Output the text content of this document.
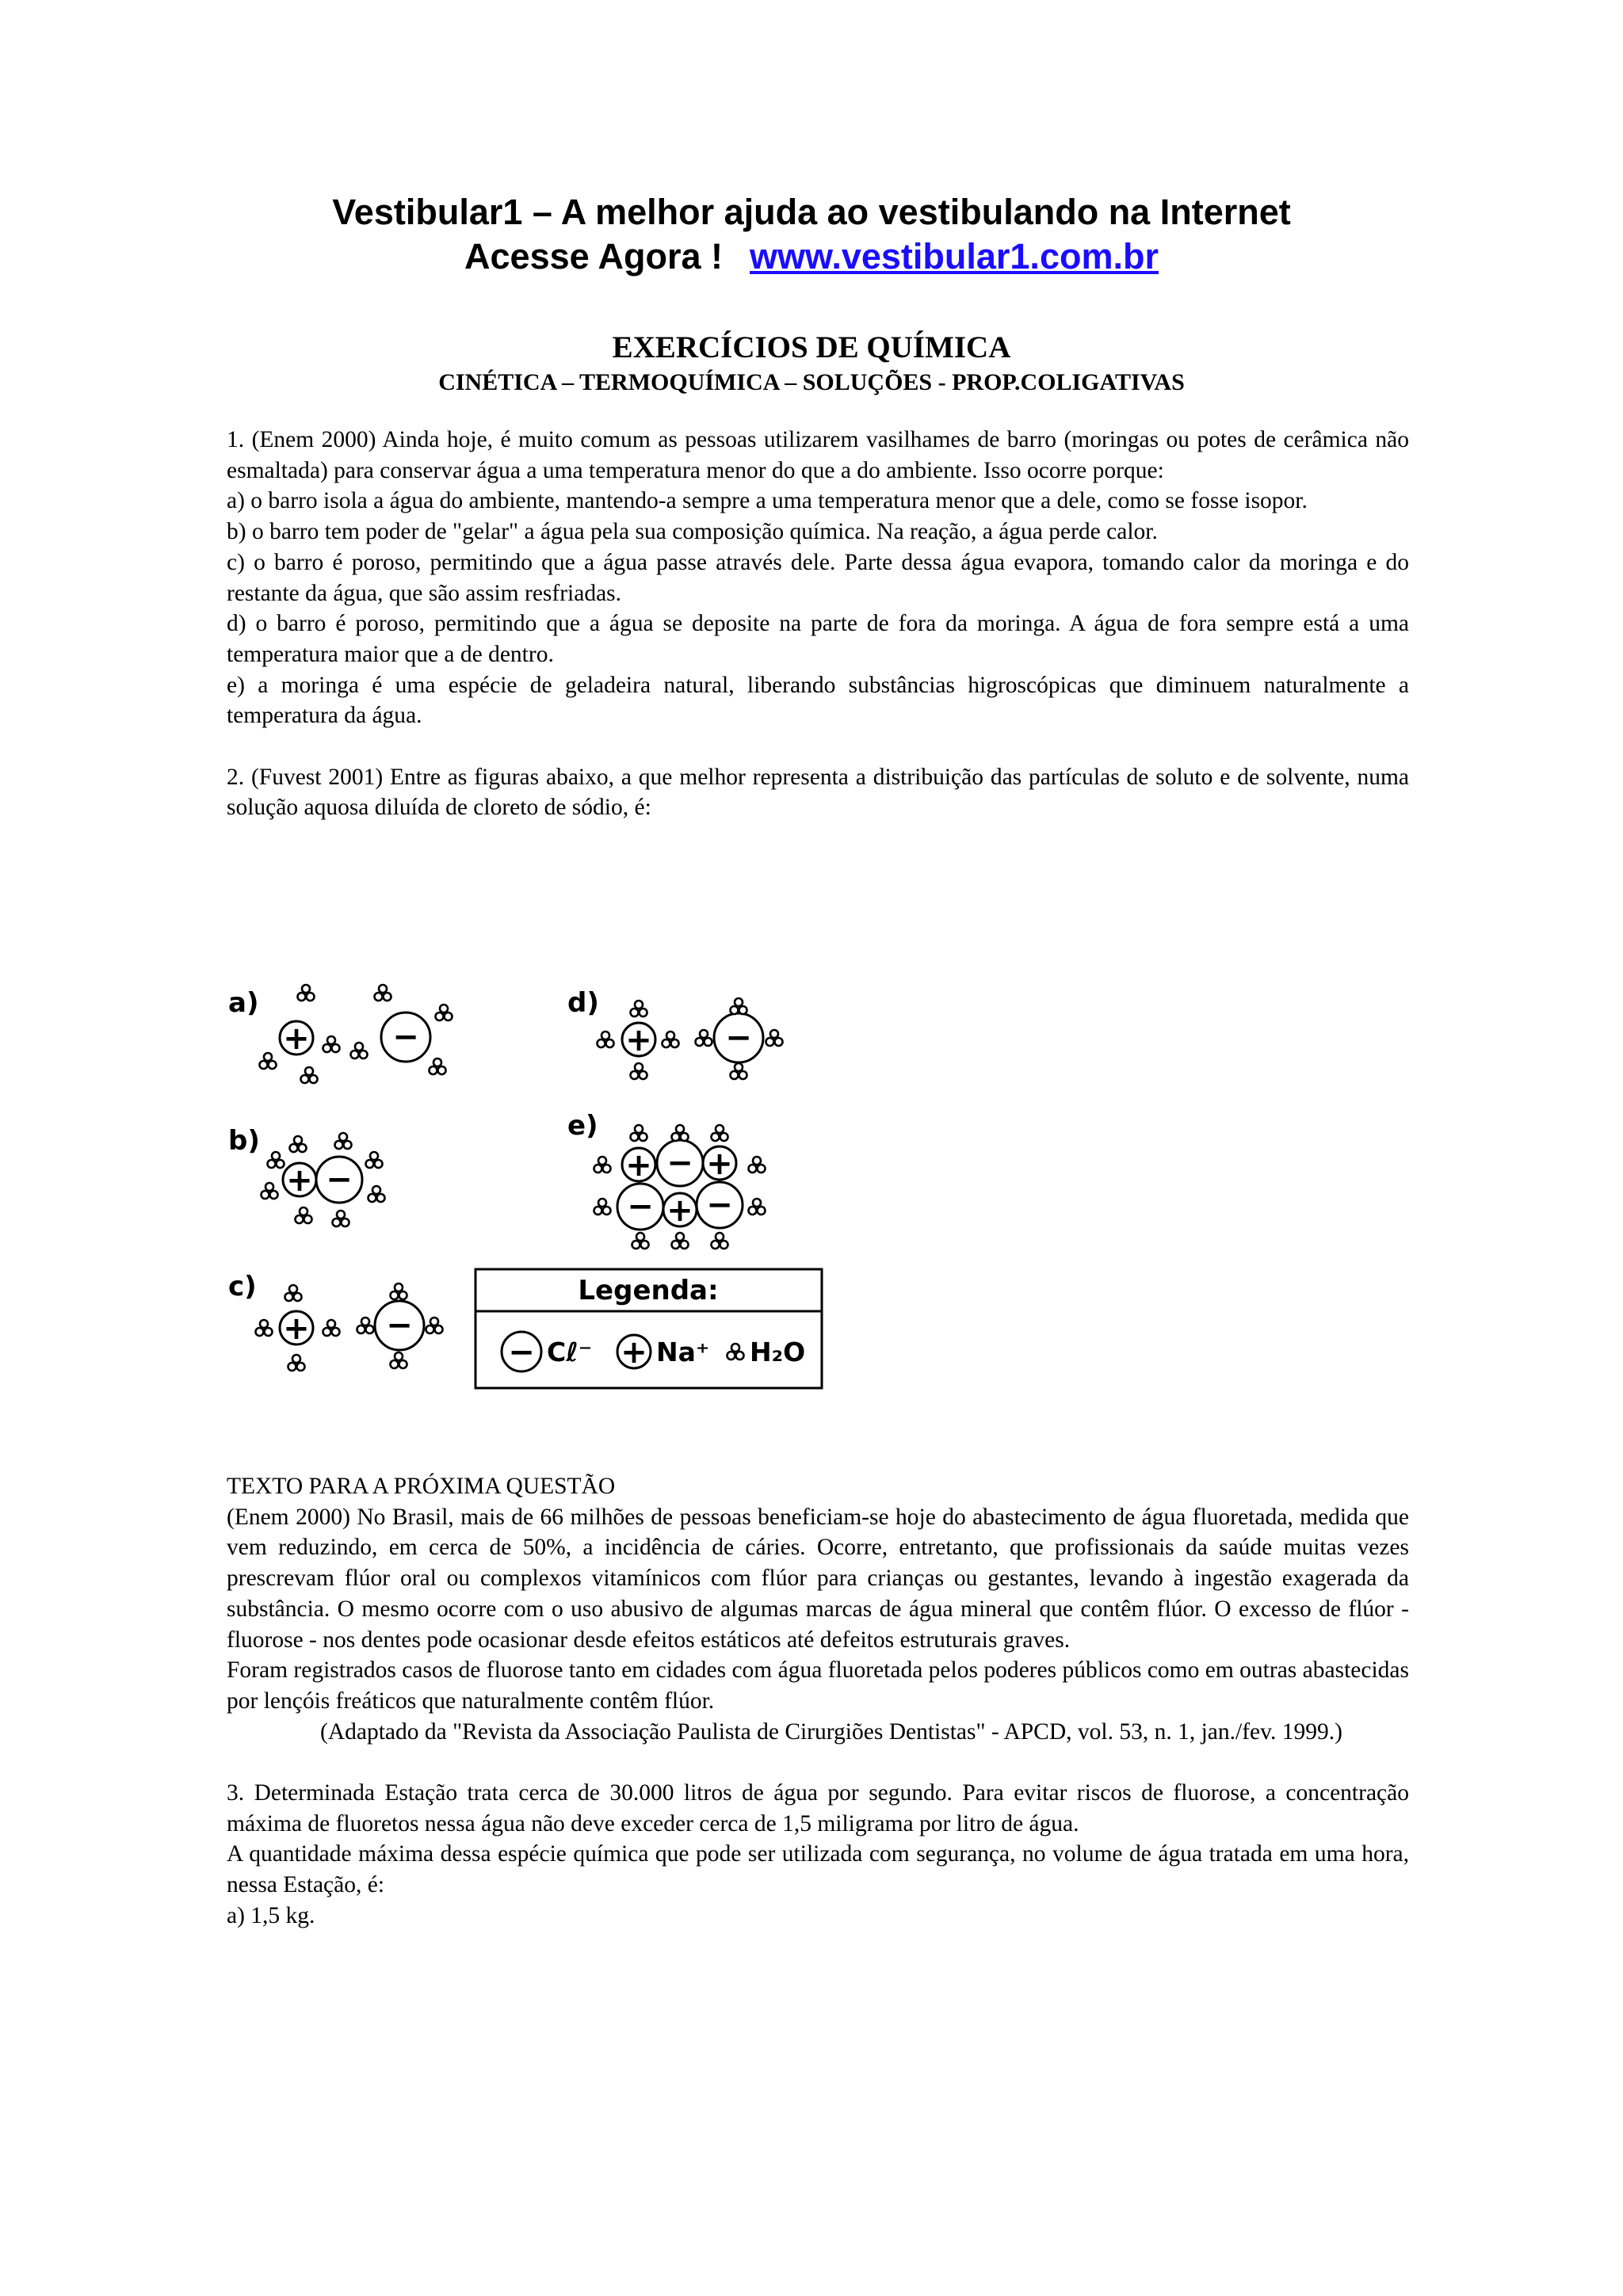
Vestibular1 – A melhor ajuda ao vestibulando na Internet
Acesse Agora ! www.vestibular1.com.br
EXERCÍCIOS DE QUÍMICA
CINÉTICA – TERMOQUÍMICA – SOLUÇÕES - PROP.COLIGATIVAS

1. (Enem 2000) Ainda hoje, é muito comum as pessoas utilizarem vasilhames de barro (moringas ou potes de cerâmica não esmaltada) para conservar água a uma temperatura menor do que a do ambiente. Isso ocorre porque:

a) o barro isola a água do ambiente, mantendo-a sempre a uma temperatura menor que a dele, como se fosse isopor.

b) o barro tem poder de "gelar" a água pela sua composição química. Na reação, a água perde calor.

c) o barro é poroso, permitindo que a água passe através dele. Parte dessa água evapora, tomando calor da moringa e do restante da água, que são assim resfriadas.

d) o barro é poroso, permitindo que a água se deposite na parte de fora da moringa. A água de fora sempre está a uma temperatura maior que a de dentro.

e) a moringa é uma espécie de geladeira natural, liberando substâncias higroscópicas que diminuem naturalmente a temperatura da água.

2. (Fuvest 2001) Entre as figuras abaixo, a que melhor representa a distribuição das partículas de soluto e de solvente, numa solução aquosa diluída de cloreto de sódio, é:

a)
b)
c)
d)
e)
+	−
+ −
+ −
+ −
+ − +
− + −
Legenda:
− Cℓ⁻ + Na⁺ H₂O

TEXTO PARA A PRÓXIMA QUESTÃO

(Enem 2000) No Brasil, mais de 66 milhões de pessoas beneficiam-se hoje do abastecimento de água fluoretada, medida que vem reduzindo, em cerca de 50%, a incidência de cáries. Ocorre, entretanto, que profissionais da saúde muitas vezes prescrevam flúor oral ou complexos vitamínicos com flúor para crianças ou gestantes, levando à ingestão exagerada da substância. O mesmo ocorre com o uso abusivo de algumas marcas de água mineral que contêm flúor. O excesso de flúor - fluorose - nos dentes pode ocasionar desde efeitos estáticos até defeitos estruturais graves.

Foram registrados casos de fluorose tanto em cidades com água fluoretada pelos poderes públicos como em outras abastecidas por lençóis freáticos que naturalmente contêm flúor.

(Adaptado da "Revista da Associação Paulista de Cirurgiões Dentistas" - APCD, vol. 53, n. 1, jan./fev. 1999.)

3. Determinada Estação trata cerca de 30.000 litros de água por segundo. Para evitar riscos de fluorose, a concentração máxima de fluoretos nessa água não deve exceder cerca de 1,5 miligrama por litro de água.

A quantidade máxima dessa espécie química que pode ser utilizada com segurança, no volume de água tratada em uma hora, nessa Estação, é:

a) 1,5 kg.
